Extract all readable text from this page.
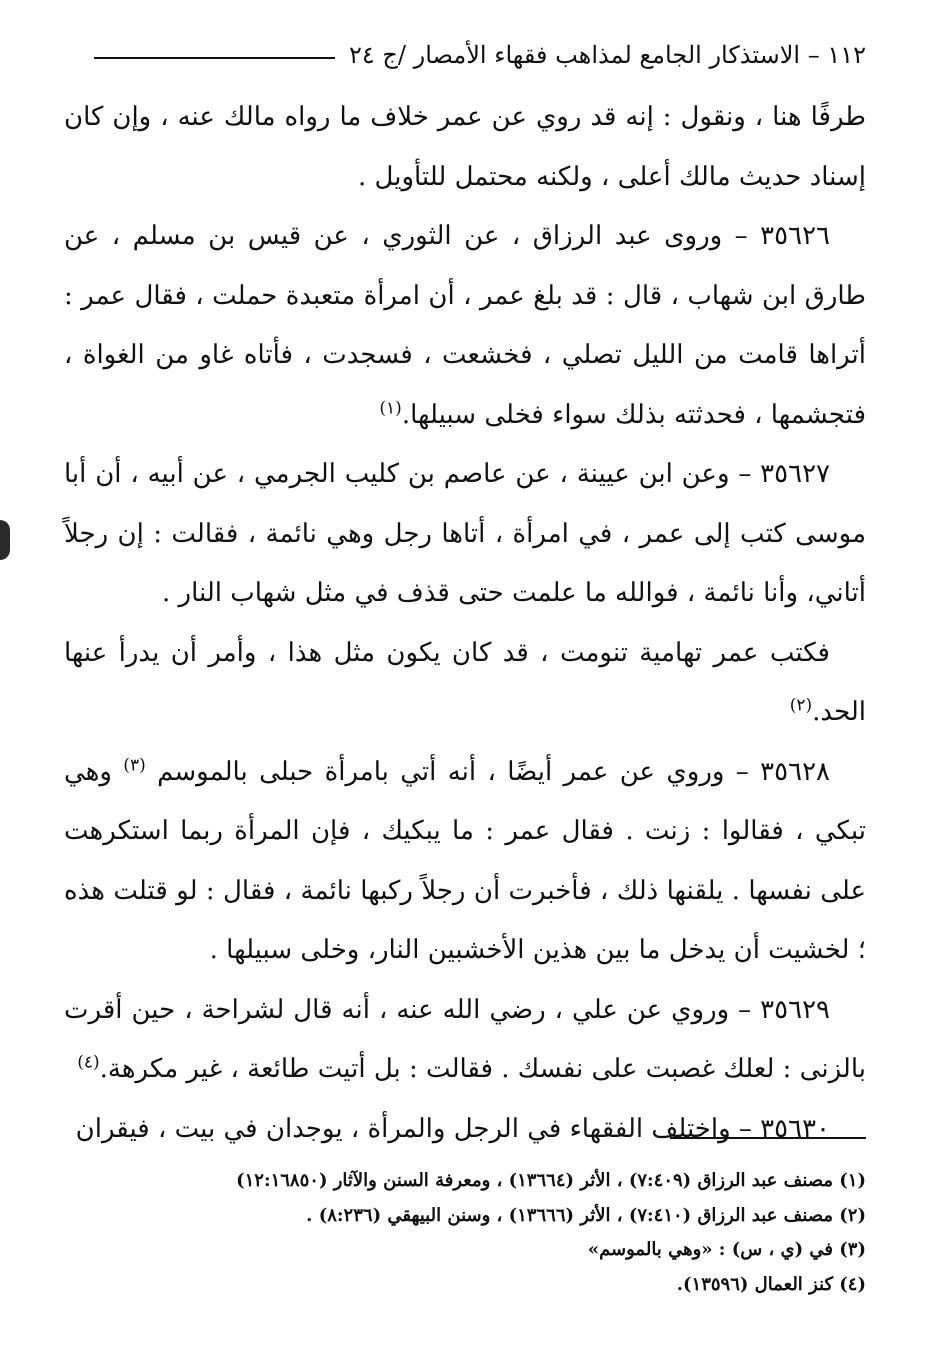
١١٢ – الاستذكار الجامع لمذاهب فقهاء الأمصار /ج ٢٤

طرفًا هنا ، ونقول : إنه قد روي عن عمر خلاف ما رواه مالك عنه ، وإن كان إسناد حديث مالك أعلى ، ولكنه محتمل للتأويل .

٣٥٦٢٦ – وروى عبد الرزاق ، عن الثوري ، عن قيس بن مسلم ، عن طارق ابن شهاب ، قال : قد بلغ عمر ، أن امرأة متعبدة حملت ، فقال عمر : أتراها قامت من الليل تصلي ، فخشعت ، فسجدت ، فأتاه غاو من الغواة ، فتجشمها ، فحدثته بذلك سواء فخلى سبيلها.$^{(١)}$

٣٥٦٢٧ – وعن ابن عيينة ، عن عاصم بن كليب الجرمي ، عن أبيه ، أن أبا موسى كتب إلى عمر ، في امرأة ، أتاها رجل وهي نائمة ، فقالت : إن رجلاً أتاني، وأنا نائمة ، فوالله ما علمت حتى قذف في مثل شهاب النار .

فكتب عمر تهامية تنومت ، قد كان يكون مثل هذا ، وأمر أن يدرأ عنها الحد.$^{(٢)}$

٣٥٦٢٨ – وروي عن عمر أيضًا ، أنه أتي بامرأة حبلى بالموسم $^{(٣)}$ وهي تبكي ، فقالوا : زنت . فقال عمر : ما يبكيك ، فإن المرأة ربما استكرهت على نفسها . يلقنها ذلك ، فأخبرت أن رجلاً ركبها نائمة ، فقال : لو قتلت هذه ؛ لخشيت أن يدخل ما بين هذين الأخشبين النار، وخلى سبيلها .

٣٥٦٢٩ – وروي عن علي ، رضي الله عنه ، أنه قال لشراحة ، حين أقرت بالزنى : لعلك غصبت على نفسك . فقالت : بل أتيت طائعة ، غير مكرهة.$^{(٤)}$

٣٥٦٣٠ – واختلف الفقهاء في الرجل والمرأة ، يوجدان في بيت ، فيقران

(١) مصنف عبد الرزاق (٧:٤٠٩) ، الأثر (١٣٦٦٤) ، ومعرفة السنن والآثار (١٢:١٦٨٥٠)

(٢) مصنف عبد الرزاق (٧:٤١٠) ، الأثر (١٣٦٦٦) ، وسنن البيهقي (٨:٢٣٦) .

(٣) في (ي ، س) : «وهي بالموسم»

(٤) كنز العمال (١٣٥٩٦).
